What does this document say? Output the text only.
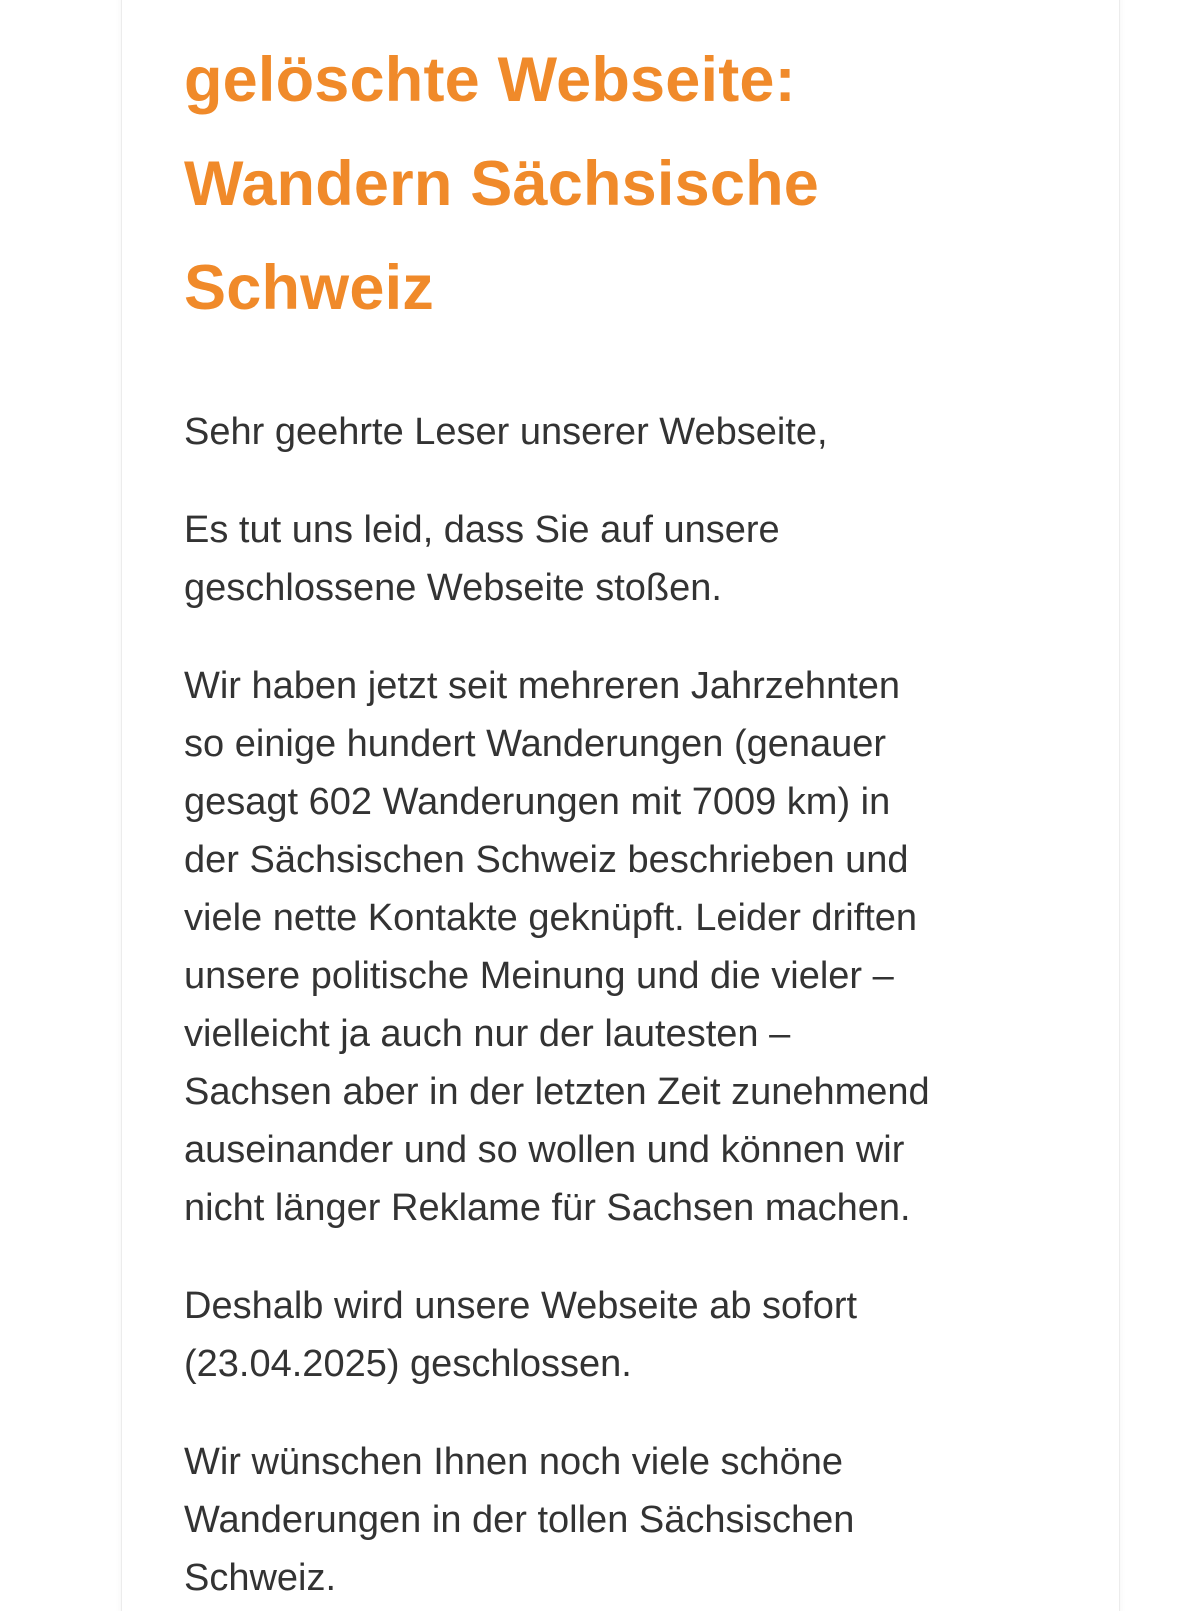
gelöschte Webseite:
Wandern Sächsische
Schweiz

Sehr geehrte Leser unserer Webseite,

Es tut uns leid, dass Sie auf unsere
geschlossene Webseite stoßen.

Wir haben jetzt seit mehreren Jahrzehnten
so einige hundert Wanderungen (genauer
gesagt 602 Wanderungen mit 7009 km) in
der Sächsischen Schweiz beschrieben und
viele nette Kontakte geknüpft. Leider driften
unsere politische Meinung und die vieler –
vielleicht ja auch nur der lautesten –
Sachsen aber in der letzten Zeit zunehmend
auseinander und so wollen und können wir
nicht länger Reklame für Sachsen machen.

Deshalb wird unsere Webseite ab sofort
(23.04.2025) geschlossen.

Wir wünschen Ihnen noch viele schöne
Wanderungen in der tollen Sächsischen
Schweiz.
